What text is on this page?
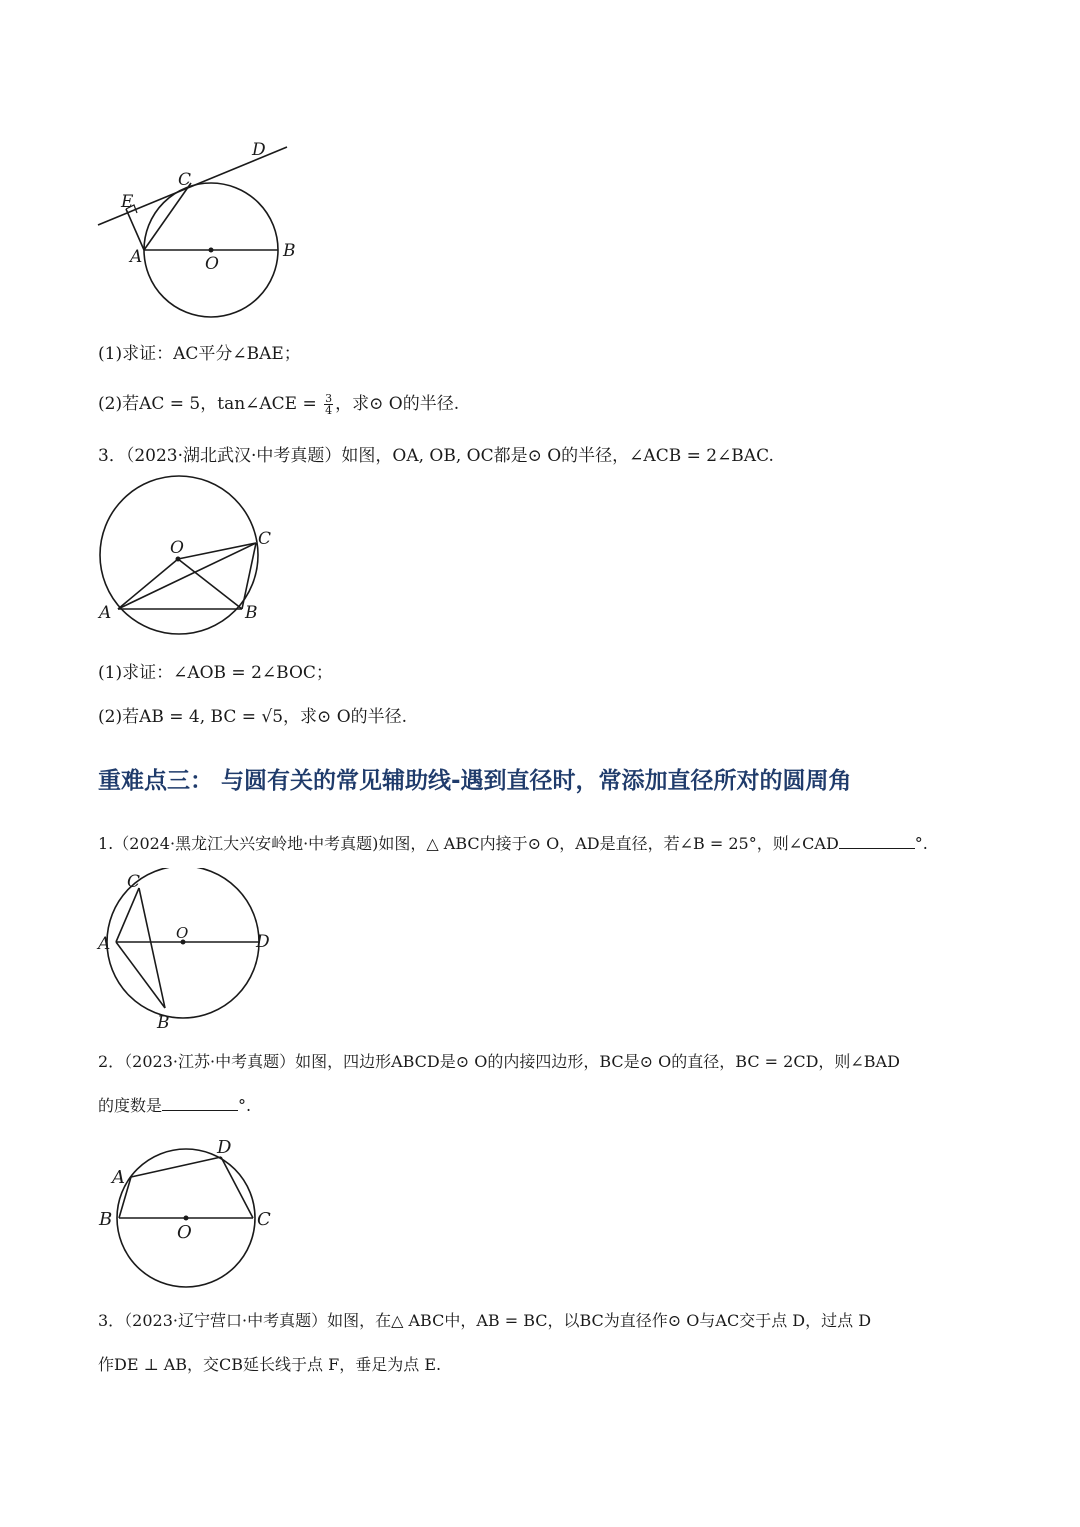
D
C
E
A	O
B
(1)求证：AC平分∠BAE；
(2)若AC = 5，tan∠ACE = $\frac{3}{4}$ ，求⊙ O的半径.
3．（2023·湖北武汉·中考真题）如图，OA, OB, OC都是⊙ O的半径，∠ACB = 2∠BAC.
O	C
A	B
(1)求证：∠AOB = 2∠BOC；
(2)若AB = 4, BC = √5，求⊙ O的半径.
重难点三： 与圆有关的常见辅助线-遇到直径时，常添加直径所对的圆周角
1.（2024·黑龙江大兴安岭地·中考真题)如图，△ ABC内接于⊙ O，AD是直径，若∠B = 25°，则∠CAD	°.
C
O
A	D
B
2．（2023·江苏·中考真题）如图，四边形ABCD是⊙ O的内接四边形，BC是⊙ O的直径，BC = 2CD，则∠BAD
的度数是	°.
D
A
B
O
C
3．（2023·辽宁营口·中考真题）如图，在△ ABC中，AB = BC，以BC为直径作⊙ O与AC交于点 D，过点 D
作DE ⊥ AB，交CB延长线于点 F，垂足为点 E.
